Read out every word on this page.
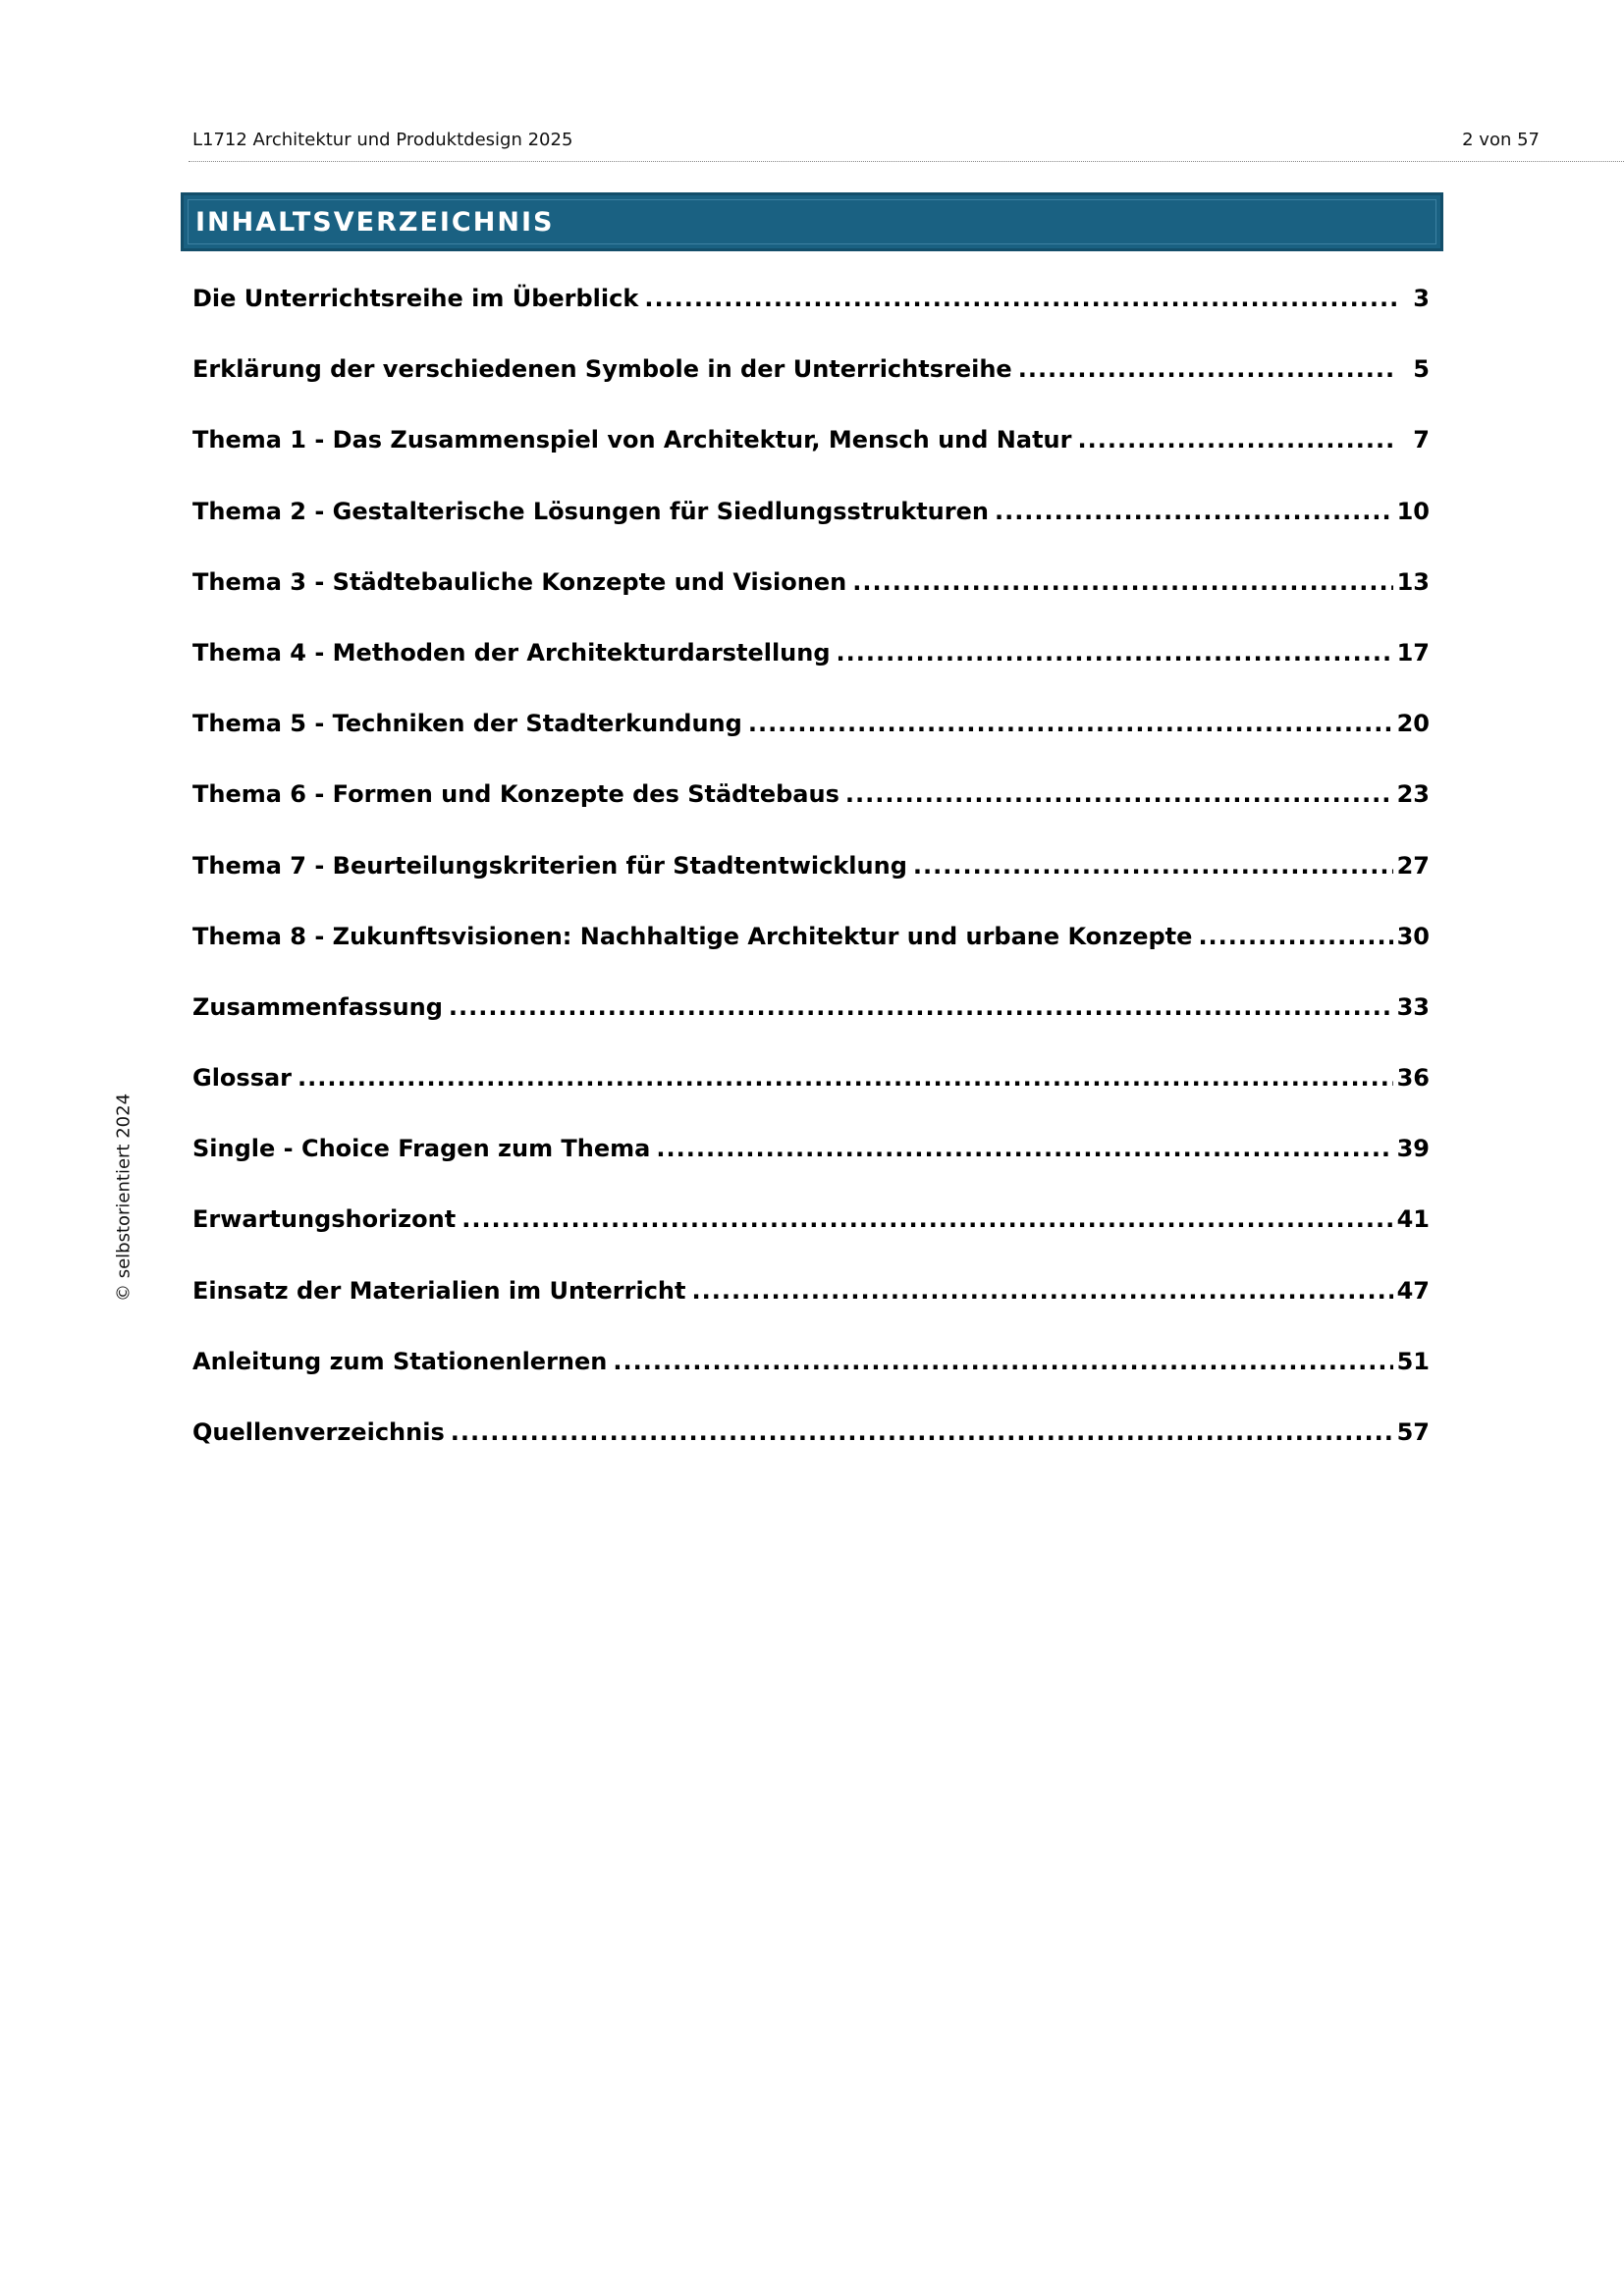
L1712 Architektur und Produktdesign 2025	2 von 57
INHALTSVERZEICHNIS
Die Unterrichtsreihe im Überblick .....	3
Erklärung der verschiedenen Symbole in der Unterrichtsreihe .....	5
Thema 1 - Das Zusammenspiel von Architektur, Mensch und Natur .....	7
Thema 2 - Gestalterische Lösungen für Siedlungsstrukturen .....	10
Thema 3 - Städtebauliche Konzepte und Visionen .....	13
Thema 4 - Methoden der Architekturdarstellung .....	17
Thema 5 - Techniken der Stadterkundung .....	20
Thema 6 - Formen und Konzepte des Städtebaus .....	23
Thema 7 - Beurteilungskriterien für Stadtentwicklung .....	27
Thema 8 - Zukunftsvisionen: Nachhaltige Architektur und urbane Konzepte .....	30
Zusammenfassung .....	33
Glossar .....	36
Single - Choice Fragen zum Thema .....	39
Erwartungshorizont .....	41
Einsatz der Materialien im Unterricht .....	47
Anleitung zum Stationenlernen .....	51
Quellenverzeichnis .....	57
© selbstorientiert 2024
